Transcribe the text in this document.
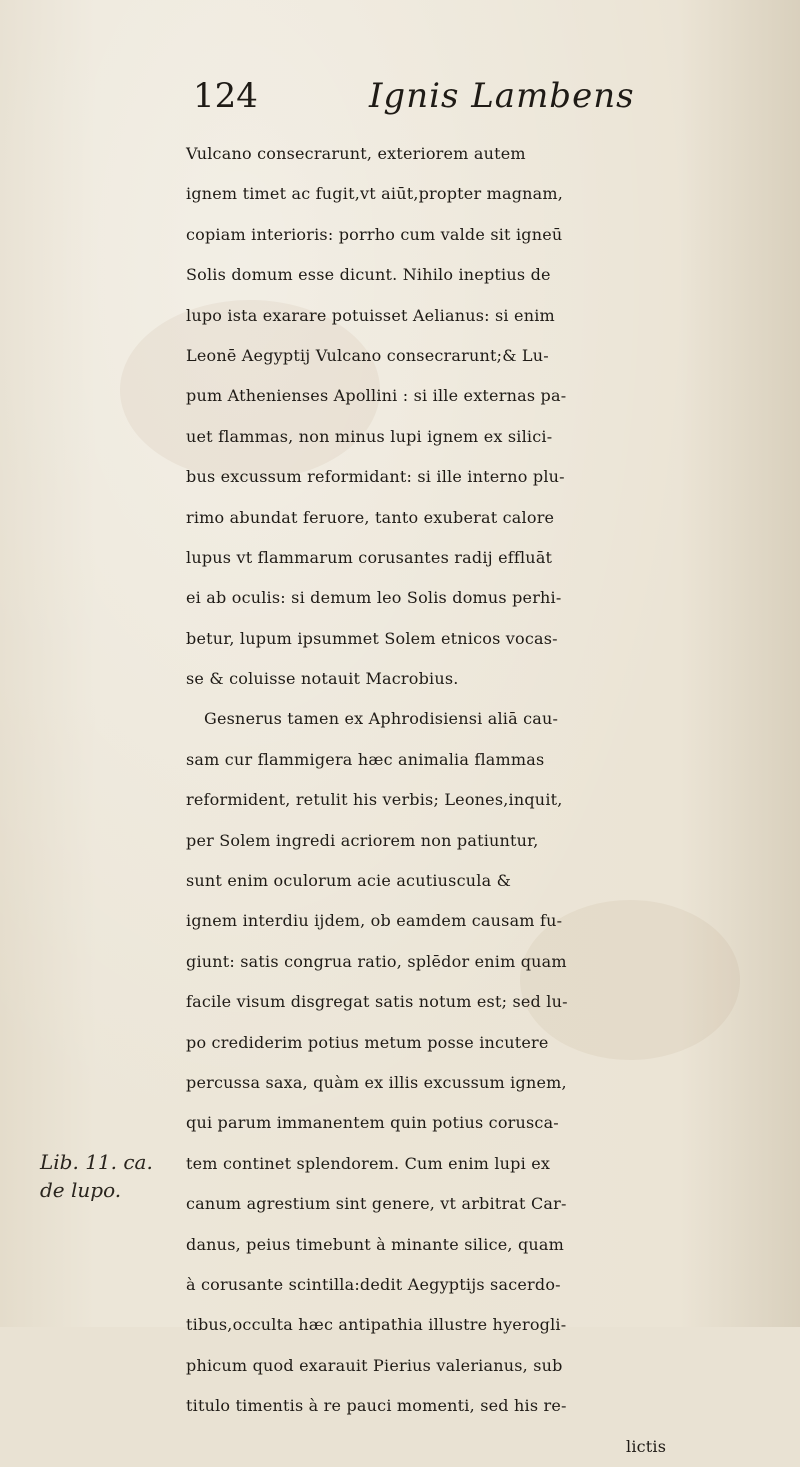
124	Ignis Lambens
Vulcano consecrarunt, exteriorem autem
ignem timet ac fugit,vt aiūt,propter magnam,
copiam interioris: porrho cum valde sit igneū
Solis domum esse dicunt. Nihilo ineptius de
lupo ista exarare potuisset Aelianus: si enim
Leonē Aegyptij Vulcano consecrarunt;& Lu-
pum Athenienses Apollini : si ille externas pa-
uet flammas, non minus lupi ignem ex silici-
bus excussum reformidant: si ille interno plu-
rimo abundat feruore, tanto exuberat calore
lupus vt flammarum corusantes radij effluāt
ei ab oculis: si demum leo Solis domus perhi-
betur, lupum ipsummet Solem etnicos vocas-
se & coluisse notauit Macrobius.
Gesnerus tamen ex Aphrodisiensi aliā cau-
sam cur flammigera hæc animalia flammas
reformident, retulit his verbis; Leones,inquit,
per Solem ingredi acriorem non patiuntur,
sunt enim oculorum acie acutiuscula &
ignem interdiu ijdem, ob eamdem causam fu-
giunt: satis congrua ratio, splēdor enim quam
facile visum disgregat satis notum est; sed lu-
po crediderim potius metum posse incutere
percussa saxa, quàm ex illis excussum ignem,
qui parum immanentem quin potius corusca-
tem continet splendorem. Cum enim lupi ex
canum agrestium sint genere, vt arbitrat Car-
danus, peius timebunt à minante silice, quam
à corusante scintilla:dedit Aegyptijs sacerdo-
tibus,occulta hæc antipathia illustre hyerogli-
phicum quod exarauit Pierius valerianus, sub
titulo timentis à re pauci momenti, sed his re-
lictis
Lib. 11. ca.
de lupo.
